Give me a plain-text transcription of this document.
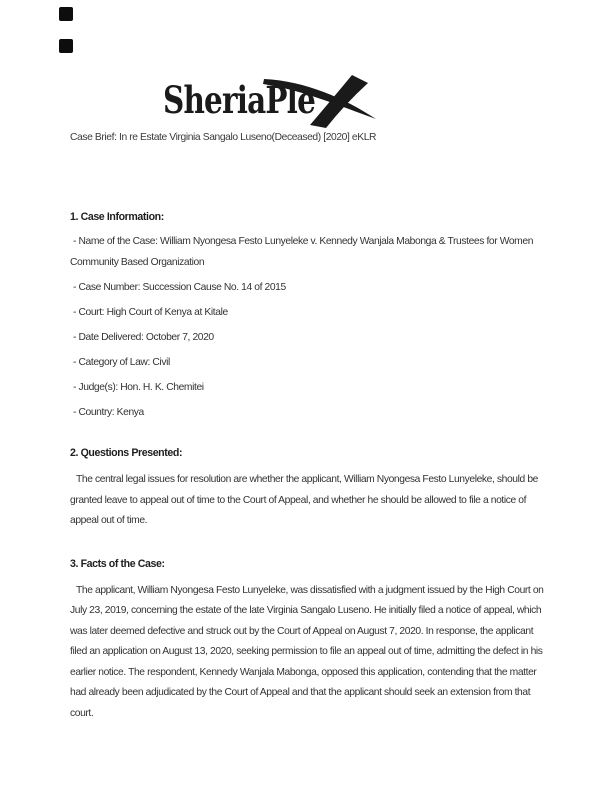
SheriaPle

Case Brief: In re Estate Virginia Sangalo Luseno(Deceased) [2020] eKLR

1. Case Information:

- Name of the Case: William Nyongesa Festo Lunyeleke v. Kennedy Wanjala Mabonga & Trustees for Women Community Based Organization

- Case Number: Succession Cause No. 14 of 2015

- Court: High Court of Kenya at Kitale

- Date Delivered: October 7, 2020

- Category of Law: Civil

- Judge(s): Hon. H. K. Chemitei

- Country: Kenya

2. Questions Presented:

The central legal issues for resolution are whether the applicant, William Nyongesa Festo Lunyeleke, should be granted leave to appeal out of time to the Court of Appeal, and whether he should be allowed to file a notice of appeal out of time.

3. Facts of the Case:

The applicant, William Nyongesa Festo Lunyeleke, was dissatisfied with a judgment issued by the High Court on July 23, 2019, concerning the estate of the late Virginia Sangalo Luseno. He initially filed a notice of appeal, which was later deemed defective and struck out by the Court of Appeal on August 7, 2020. In response, the applicant filed an application on August 13, 2020, seeking permission to file an appeal out of time, admitting the defect in his earlier notice. The respondent, Kennedy Wanjala Mabonga, opposed this application, contending that the matter had already been adjudicated by the Court of Appeal and that the applicant should seek an extension from that court.
